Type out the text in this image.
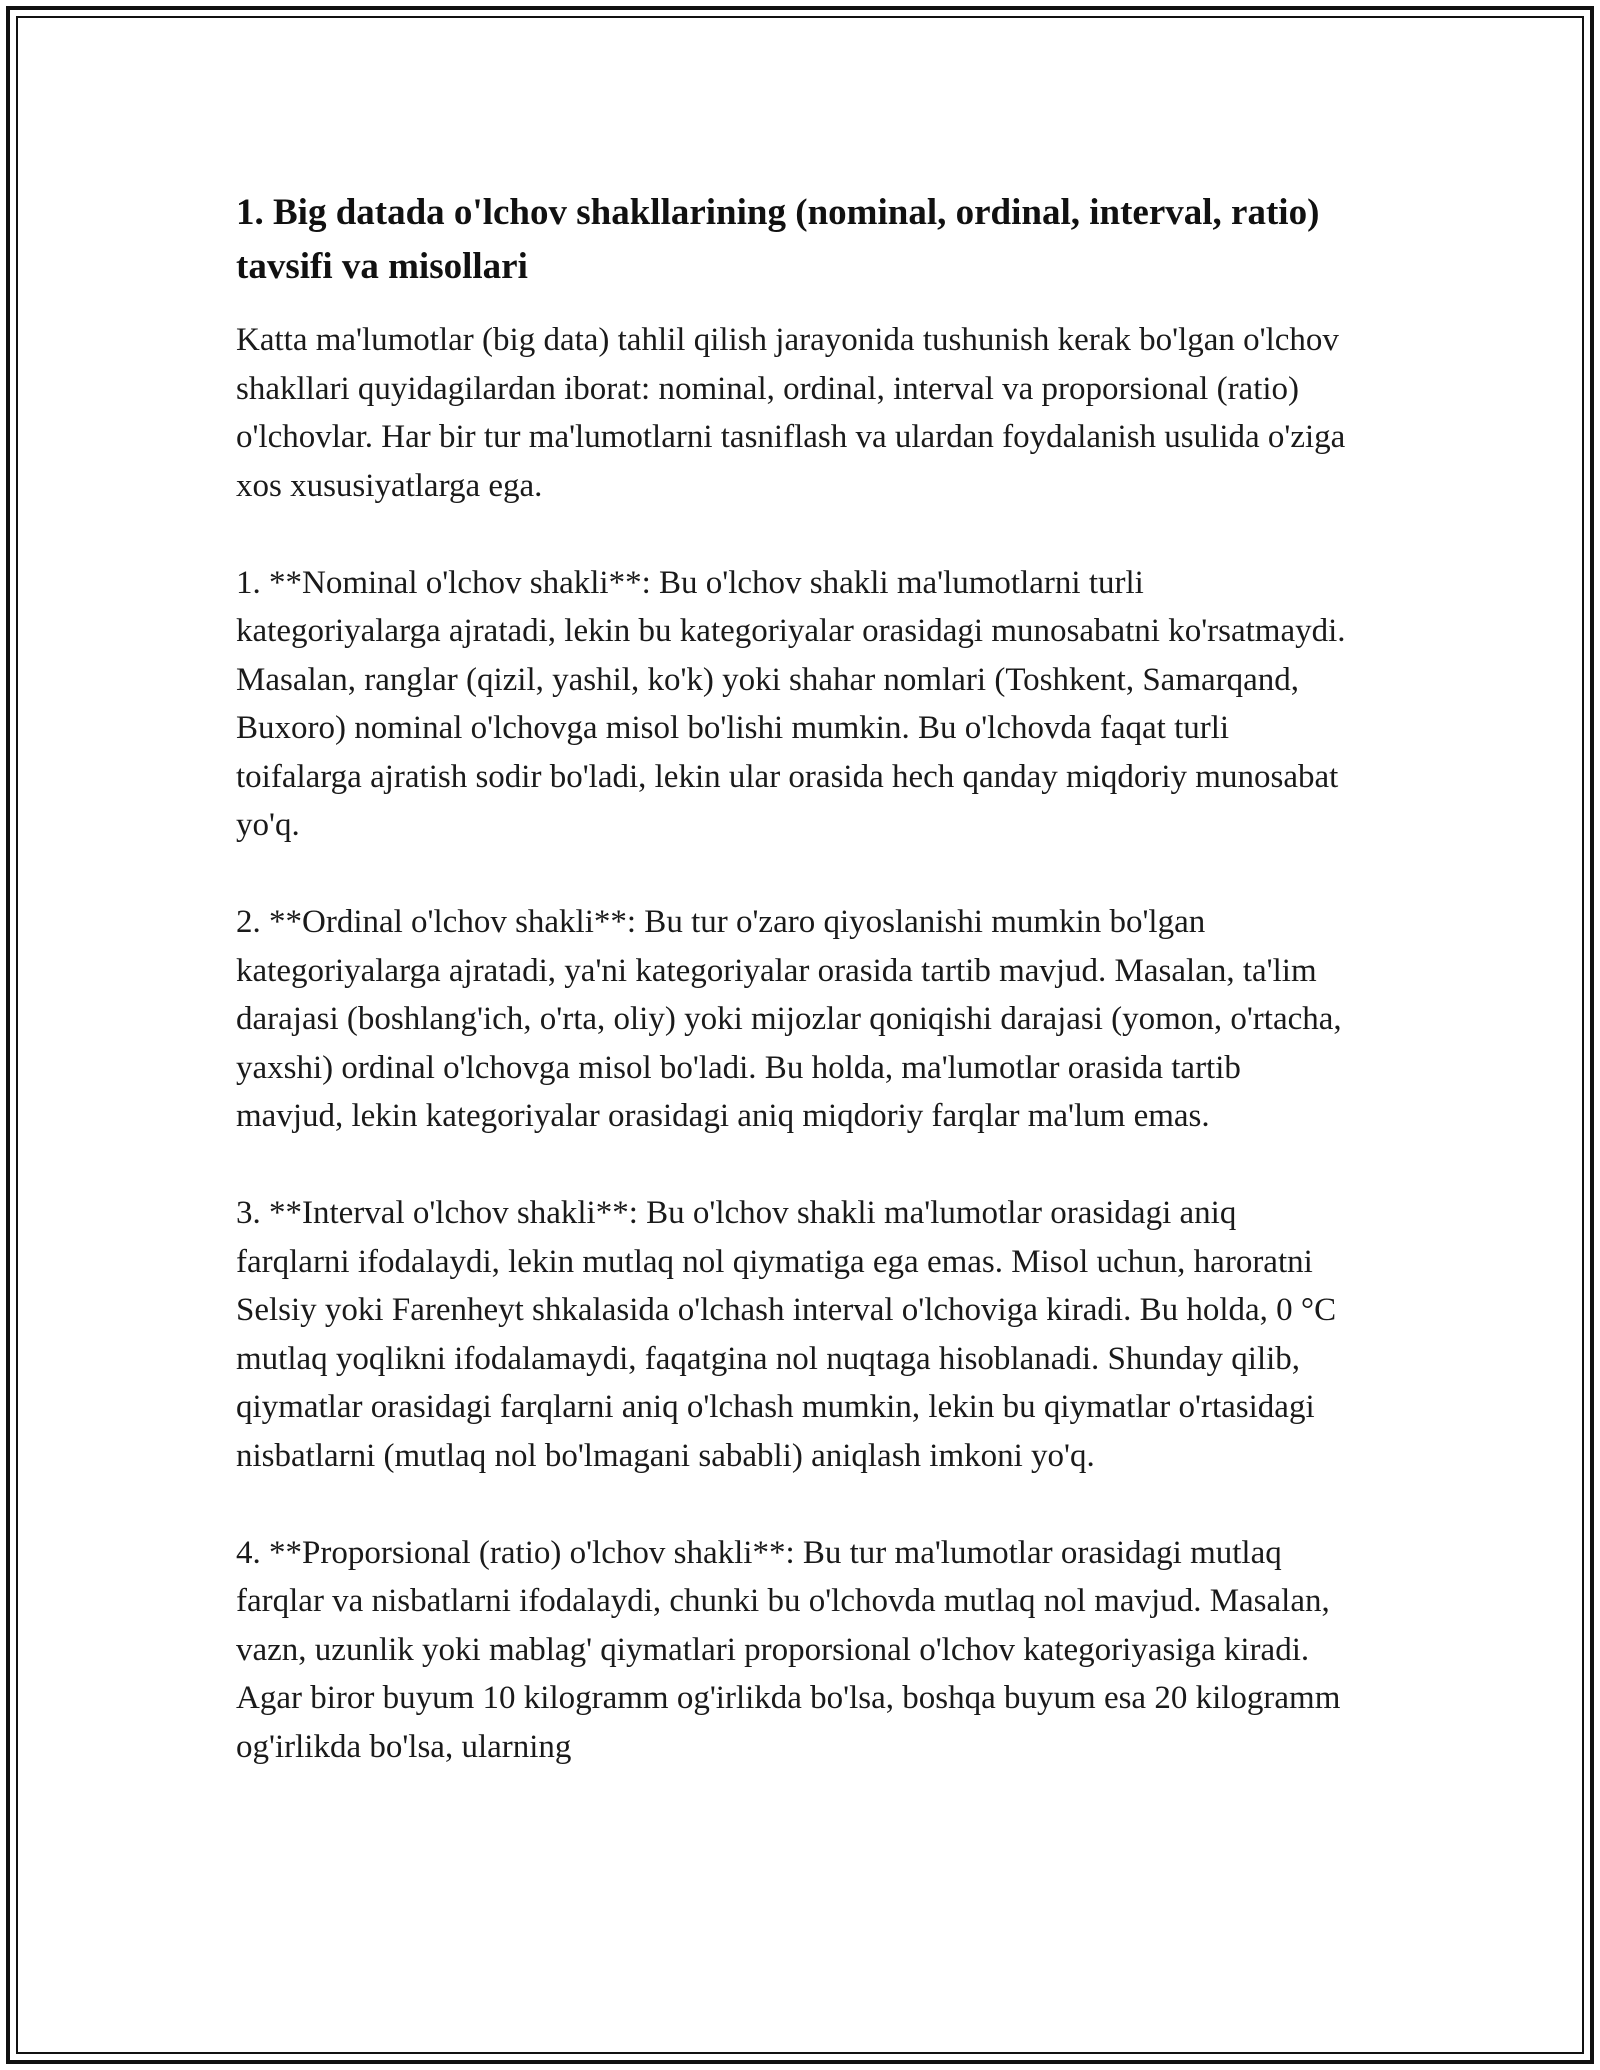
1. Big datada o'lchov shakllarining (nominal, ordinal, interval, ratio) tavsifi va misollari

Katta ma'lumotlar (big data) tahlil qilish jarayonida tushunish kerak bo'lgan o'lchov shakllari quyidagilardan iborat: nominal, ordinal, interval va proporsional (ratio) o'lchovlar. Har bir tur ma'lumotlarni tasniflash va ulardan foydalanish usulida o'ziga xos xususiyatlarga ega.

1. **Nominal o'lchov shakli**: Bu o'lchov shakli ma'lumotlarni turli kategoriyalarga ajratadi, lekin bu kategoriyalar orasidagi munosabatni ko'rsatmaydi. Masalan, ranglar (qizil, yashil, ko'k) yoki shahar nomlari (Toshkent, Samarqand, Buxoro) nominal o'lchovga misol bo'lishi mumkin. Bu o'lchovda faqat turli toifalarga ajratish sodir bo'ladi, lekin ular orasida hech qanday miqdoriy munosabat yo'q.

2. **Ordinal o'lchov shakli**: Bu tur o'zaro qiyoslanishi mumkin bo'lgan kategoriyalarga ajratadi, ya'ni kategoriyalar orasida tartib mavjud. Masalan, ta'lim darajasi (boshlang'ich, o'rta, oliy) yoki mijozlar qoniqishi darajasi (yomon, o'rtacha, yaxshi) ordinal o'lchovga misol bo'ladi. Bu holda, ma'lumotlar orasida tartib mavjud, lekin kategoriyalar orasidagi aniq miqdoriy farqlar ma'lum emas.

3. **Interval o'lchov shakli**: Bu o'lchov shakli ma'lumotlar orasidagi aniq farqlarni ifodalaydi, lekin mutlaq nol qiymatiga ega emas. Misol uchun, haroratni Selsiy yoki Farenheyt shkalasida o'lchash interval o'lchoviga kiradi. Bu holda, 0 °C mutlaq yoqlikni ifodalamaydi, faqatgina nol nuqtaga hisoblanadi. Shunday qilib, qiymatlar orasidagi farqlarni aniq o'lchash mumkin, lekin bu qiymatlar o'rtasidagi nisbatlarni (mutlaq nol bo'lmagani sababli) aniqlash imkoni yo'q.

4. **Proporsional (ratio) o'lchov shakli**: Bu tur ma'lumotlar orasidagi mutlaq farqlar va nisbatlarni ifodalaydi, chunki bu o'lchovda mutlaq nol mavjud. Masalan, vazn, uzunlik yoki mablag' qiymatlari proporsional o'lchov kategoriyasiga kiradi. Agar biror buyum 10 kilogramm og'irlikda bo'lsa, boshqa buyum esa 20 kilogramm og'irlikda bo'lsa, ularning
